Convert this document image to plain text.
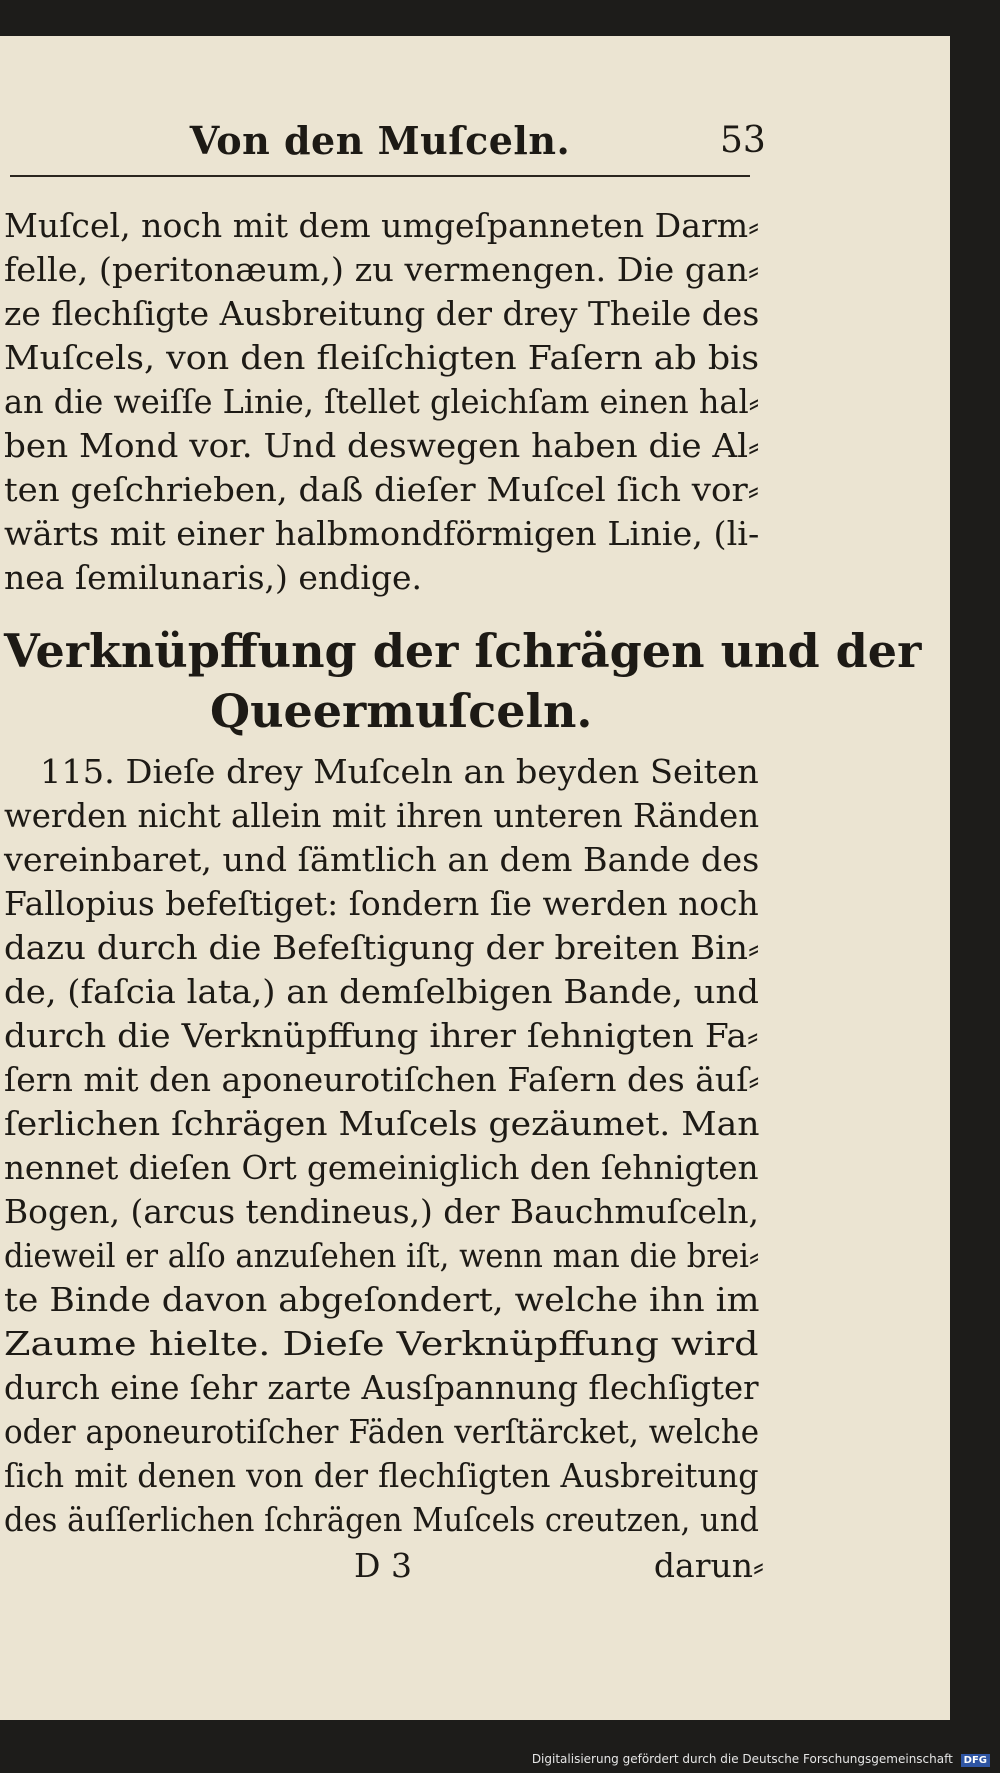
Von den Muſceln.	53
Muſcel, noch mit dem umgeſpanneten Darm⸗
felle, (peritonæum,) zu vermengen. Die gan⸗
ze flechſigte Ausbreitung der drey Theile des
Muſcels, von den fleiſchigten Faſern ab bis
an die weiſſe Linie, ſtellet gleichſam einen hal⸗
ben Mond vor. Und deswegen haben die Al⸗
ten geſchrieben, daß dieſer Muſcel ſich vor⸗
wärts mit einer halbmondförmigen Linie, (li-
nea ſemilunaris,) endige.
Verknüpffung der ſchrägen und der
Queermuſceln.
115. Dieſe drey Muſceln an beyden Seiten
werden nicht allein mit ihren unteren Ränden
vereinbaret, und ſämtlich an dem Bande des
Fallopius befeſtiget: ſondern ſie werden noch
dazu durch die Befeſtigung der breiten Bin⸗
de, (faſcia lata,) an demſelbigen Bande, und
durch die Verknüpffung ihrer ſehnigten Fa⸗
ſern mit den aponeurotiſchen Faſern des äuſ⸗
ſerlichen ſchrägen Muſcels gezäumet. Man
nennet dieſen Ort gemeiniglich den ſehnigten
Bogen, (arcus tendineus,) der Bauchmuſceln,
dieweil er alſo anzuſehen iſt, wenn man die brei⸗
te Binde davon abgeſondert, welche ihn im
Zaume hielte. Dieſe Verknüpffung wird
durch eine ſehr zarte Ausſpannung flechſigter
oder aponeurotiſcher Fäden verſtärcket, welche
ſich mit denen von der flechſigten Ausbreitung
des äuſſerlichen ſchrägen Muſcels creutzen, und
D 3	darun⸗
Digitalisierung gefördert durch die Deutsche Forschungsgemeinschaft DFG
